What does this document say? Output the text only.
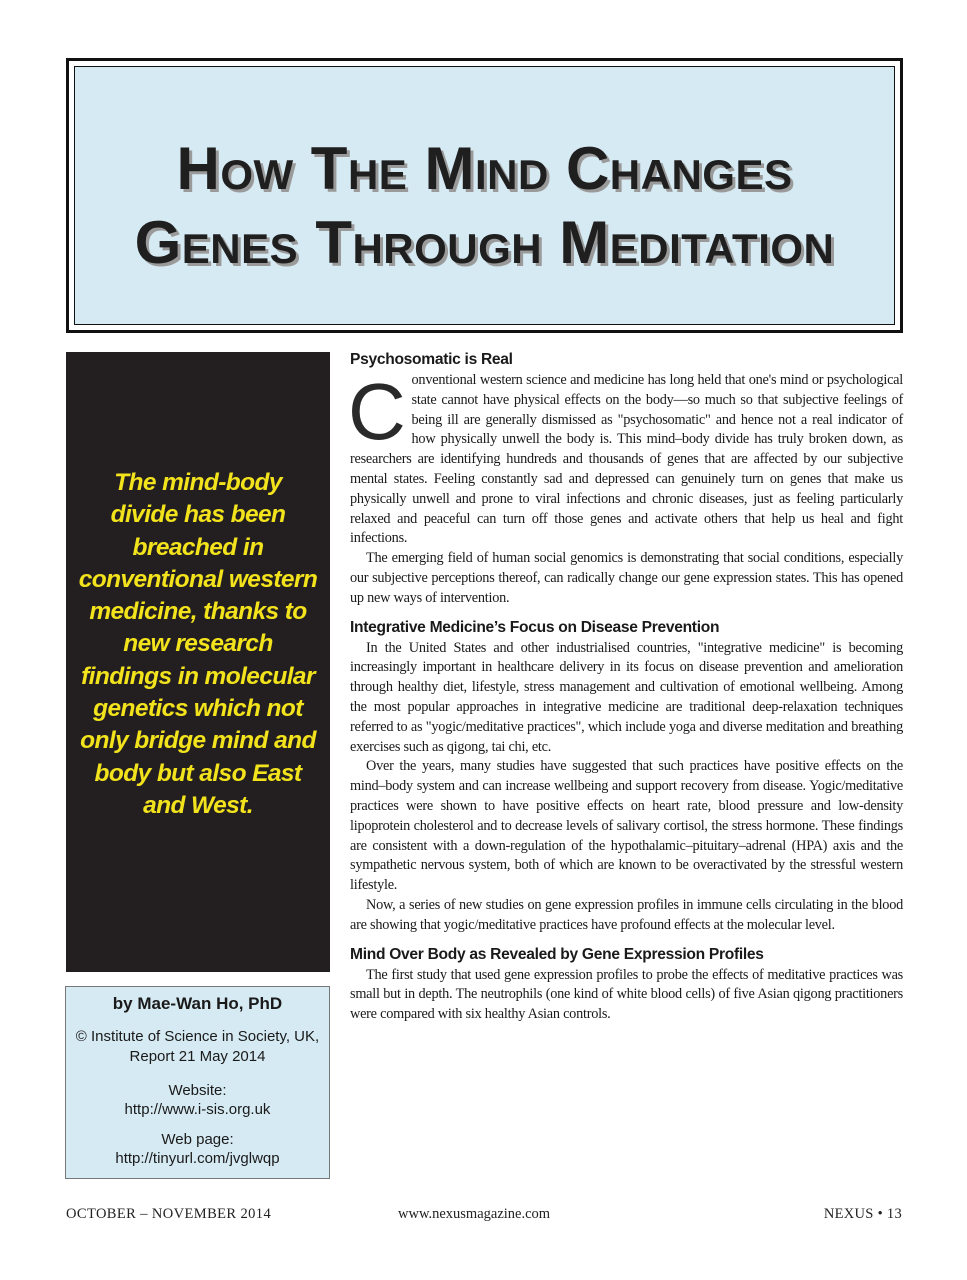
How The Mind Changes
Genes Through Meditation
The mind-body divide has been breached in conventional western medicine, thanks to new research findings in molecular genetics which not only bridge mind and body but also East and West.
by Mae-Wan Ho, PhD
© Institute of Science in Society, UK, Report 21 May 2014
Website:
http://www.i-sis.org.uk
Web page:
http://tinyurl.com/jvglwqp
Psychosomatic is Real

Conventional western science and medicine has long held that one's mind or psychological state cannot have physical effects on the body—so much so that subjective feelings of being ill are generally dismissed as "psychosomatic" and hence not a real indicator of how physically unwell the body is. This mind–body divide has truly broken down, as researchers are identifying hundreds and thousands of genes that are affected by our subjective mental states. Feeling constantly sad and depressed can genuinely turn on genes that make us physically unwell and prone to viral infections and chronic diseases, just as feeling particularly relaxed and peaceful can turn off those genes and activate others that help us heal and fight infections.

The emerging field of human social genomics is demonstrating that social conditions, especially our subjective perceptions thereof, can radically change our gene expression states. This has opened up new ways of intervention.

Integrative Medicine’s Focus on Disease Prevention

In the United States and other industrialised countries, "integrative medicine" is becoming increasingly important in healthcare delivery in its focus on disease prevention and amelioration through healthy diet, lifestyle, stress management and cultivation of emotional wellbeing. Among the most popular approaches in integrative medicine are traditional deep-relaxation techniques referred to as "yogic/meditative practices", which include yoga and diverse meditation and breathing exercises such as qigong, tai chi, etc.

Over the years, many studies have suggested that such practices have positive effects on the mind–body system and can increase wellbeing and support recovery from disease. Yogic/meditative practices were shown to have positive effects on heart rate, blood pressure and low-density lipoprotein cholesterol and to decrease levels of salivary cortisol, the stress hormone. These findings are consistent with a down-regulation of the hypothalamic–pituitary–adrenal (HPA) axis and the sympathetic nervous system, both of which are known to be overactivated by the stressful western lifestyle.

Now, a series of new studies on gene expression profiles in immune cells circulating in the blood are showing that yogic/meditative practices have profound effects at the molecular level.

Mind Over Body as Revealed by Gene Expression Profiles

The first study that used gene expression profiles to probe the effects of meditative practices was small but in depth. The neutrophils (one kind of white blood cells) of five Asian qigong practitioners were compared with six healthy Asian controls.

OCTOBER – NOVEMBER 2014	www.nexusmagazine.com	NEXUS • 13
